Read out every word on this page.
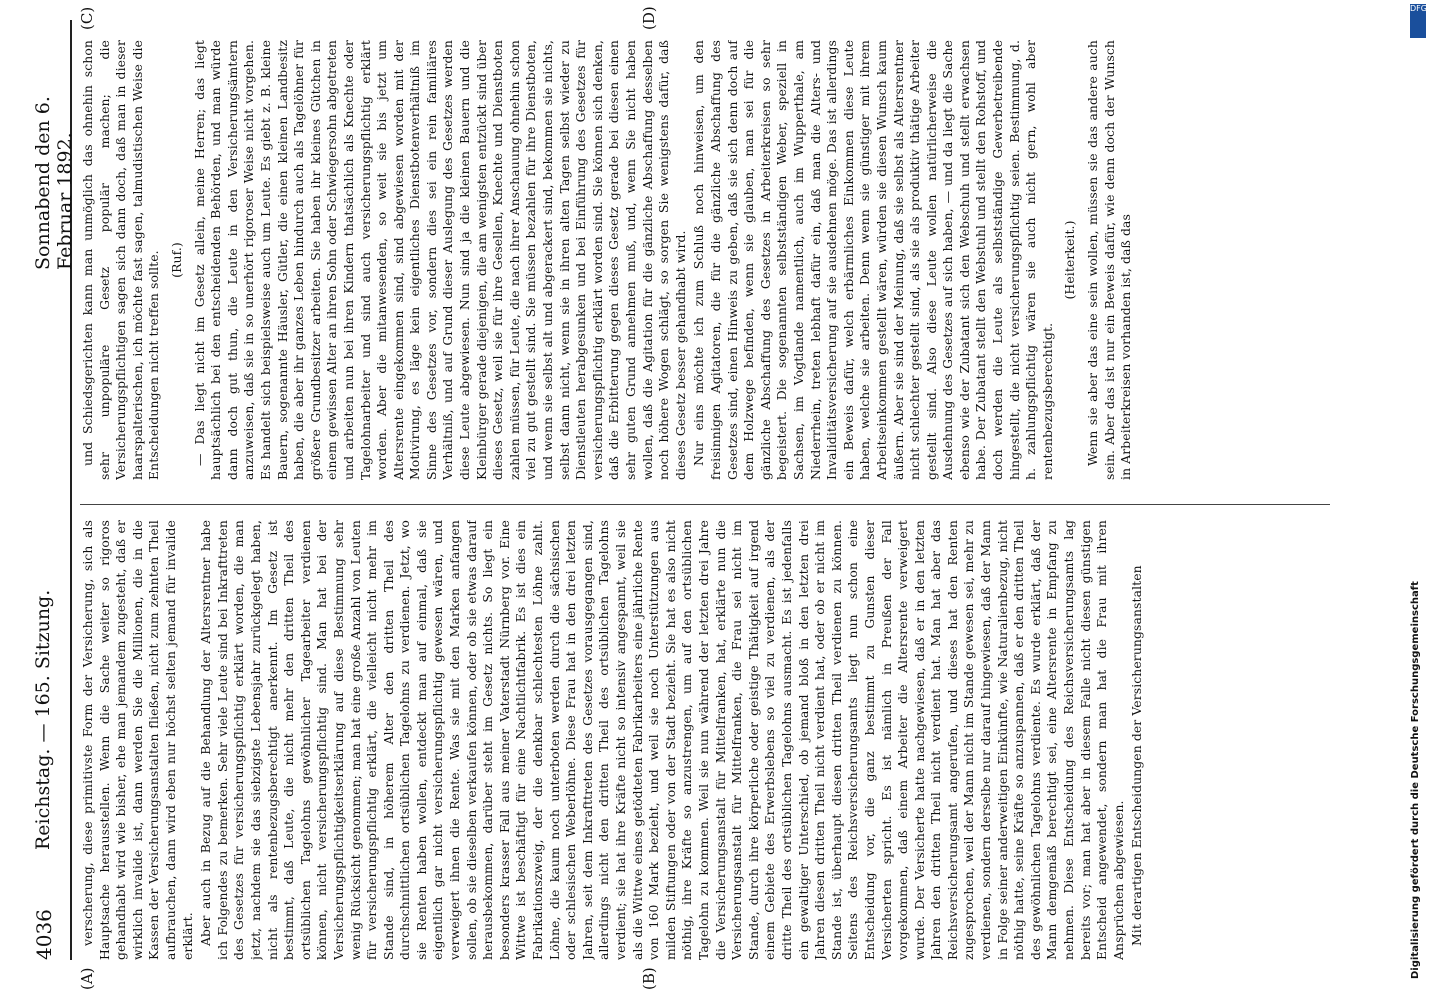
4036
Reichstag. — 165. Sitzung.
Sonnabend den 6. Februar 1892.
(A)	(B)
(C)	(D)

verscherung, diese primitivste Form der Versicherung, sich als Hauptsache herausstellen. Wenn die Sache weiter so rigoros gehandhabt wird wie bisher, ehe man jemandem zugesteht, daß er wirklich invalide ist, dann werden Sie die Millionen, die in die Kassen der Versicherungsanstalten fließen, nicht zum zehnten Theil aufbrauchen, dann wird eben nur höchst selten jemand für invalide erklärt. Aber auch in Bezug auf die Behandlung der Altersrentner habe ich Folgendes zu bemerken. Sehr viele Leute sind bei Inkrafttreten des Gesetzes für versicherungspflichtig erklärt worden, die man jetzt, nachdem sie das siebzigste Lebensjahr zurückgelegt haben, nicht als rentenbezugsberechtigt anerkennt. Im Gesetz ist bestimmt, daß Leute, die nicht mehr den dritten Theil des ortsüblichen Tagelohns gewöhnlicher Tagearbeiter verdienen können, nicht versicherungspflichtig sind. Man hat bei der Versicherungspflichtigkeitserklärung auf diese Bestimmung sehr wenig Rücksicht genommen; man hat eine große Anzahl von Leuten für versicherungspflichtig erklärt, die vielleicht nicht mehr im Stande sind, in höherem Alter den dritten Theil des durchschnittlichen ortsüblichen Tagelohns zu verdienen. Jetzt, wo sie Renten haben wollen, entdeckt man auf einmal, daß sie eigentlich gar nicht versicherungspflichtig gewesen wären, und verweigert ihnen die Rente. Was sie mit den Marken anfangen sollen, ob sie dieselben verkaufen können, oder ob sie etwas darauf herausbekommen, darüber steht im Gesetz nichts. So liegt ein besonders krasser Fall aus meiner Vaterstadt Nürnberg vor. Eine Wittwe ist beschäftigt für eine Nachtlichtfabrik. Es ist dies ein Fabrikationszweig, der die denkbar schlechtesten Löhne zahlt. Löhne, die kaum noch unterboten werden durch die sächsischen oder schlesischen Weberlöhne. Diese Frau hat in den drei letzten Jahren, seit dem Inkrafttreten des Gesetzes vorausgegangen sind, allerdings nicht den dritten Theil des ortsüblichen Tagelohns verdient; sie hat ihre Kräfte nicht so intensiv angespannt, weil sie als die Wittwe eines getödteten Fabrikarbeiters eine jährliche Rente von 160 Mark bezieht, und weil sie noch Unterstützungen aus milden Stiftungen oder von der Stadt bezieht. Sie hat es also nicht nöthig, ihre Kräfte so anzustrengen, um auf den ortsüblichen Tagelohn zu kommen. Weil sie nun während der letzten drei Jahre die Versicherungsanstalt für Mittelfranken, hat, erklärte nun die Versicherungsanstalt für Mittelfranken, die Frau sei nicht im Stande, durch ihre körperliche oder geistige Thätigkeit auf irgend einem Gebiete des Erwerbslebens so viel zu verdienen, als der dritte Theil des ortsüblichen Tagelohns ausmacht. Es ist jedenfalls ein gewaltiger Unterschied, ob jemand bloß in den letzten drei Jahren diesen dritten Theil nicht verdient hat, oder ob er nicht im Stande ist, überhaupt diesen dritten Theil verdienen zu können. Seitens des Reichsversicherungsamts liegt nun schon eine Entscheidung vor, die ganz bestimmt zu Gunsten dieser Versicherten spricht. Es ist nämlich in Preußen der Fall vorgekommen, daß einem Arbeiter die Altersrente verweigert wurde. Der Versicherte hatte nachgewiesen, daß er in den letzten Jahren den dritten Theil nicht verdient hat. Man hat aber das Reichsversicherungsamt angerufen, und dieses hat den Renten zugesprochen, weil der Mann nicht im Stande gewesen sei, mehr zu verdienen, sondern derselbe nur darauf hingewiesen, daß der Mann in Folge seiner anderweitigen Einkünfte, wie Naturalienbezug, nicht nöthig hatte, seine Kräfte so anzuspannen, daß er den dritten Theil des gewöhnlichen Tagelohns verdiente. Es wurde erklärt, daß der Mann demgemäß berechtigt sei, eine Altersrente in Empfang zu nehmen. Diese Entscheidung des Reichsversicherungsamts lag bereits vor; man hat aber in diesem Falle nicht diesen günstigen Entscheid angewendet, sondern man hat die Frau mit ihren Ansprüchen abgewiesen. Mit derartigen Entscheidungen der Versicherungsanstalten

und Schiedsgerichten kann man unmöglich das ohnehin schon sehr unpopuläre Gesetz populär machen; die Versicherungspflichtigen sagen sich dann doch, daß man in dieser haarspalterischen, ich möchte fast sagen, talmudistischen Weise die Entscheidungen nicht treffen sollte. (Ruf.) — Das liegt nicht im Gesetz allein, meine Herren; das liegt hauptsächlich bei den entscheidenden Behörden, und man würde dann doch gut thun, die Leute in den Versicherungsämtern anzuweisen, daß sie in so unerhört rigoroser Weise nicht vorgehen. Es handelt sich beispielsweise auch um Leute. Es giebt z. B. kleine Bauern, sogenannte Häusler, Gütler, die einen kleinen Landbesitz haben, die aber ihr ganzes Leben hindurch auch als Tagelöhner für größere Grundbesitzer arbeiten. Sie haben ihr kleines Gütchen in einem gewissen Alter an ihren Sohn oder Schwiegersohn abgetreten und arbeiten nun bei ihren Kindern thatsächlich als Knechte oder Tagelohnarbeiter und sind auch versicherungspflichtig erklärt worden. Aber die mitanwesenden, so weit sie bis jetzt um Altersrente eingekommen sind, sind abgewiesen worden mit der Motivirung, es läge kein eigentliches Dienstbotenverhältniß im Sinne des Gesetzes vor, sondern dies sei ein rein familiäres Verhältniß, und auf Grund dieser Auslegung des Gesetzes werden diese Leute abgewiesen. Nun sind ja die kleinen Bauern und die Kleinbürger gerade diejenigen, die am wenigsten entzückt sind über dieses Gesetz, weil sie für ihre Gesellen, Knechte und Dienstboten zahlen müssen, für Leute, die nach ihrer Anschauung ohnehin schon viel zu gut gestellt sind. Sie müssen bezahlen für ihre Dienstboten, und wenn sie selbst alt und abgerackert sind, bekommen sie nichts, selbst dann nicht, wenn sie in ihren alten Tagen selbst wieder zu Dienstleuten herabgesunken und bei Einführung des Gesetzes für versicherungspflichtig erklärt worden sind. Sie können sich denken, daß die Erbitterung gegen dieses Gesetz gerade bei diesen einen sehr guten Grund annehmen muß, und, wenn Sie nicht haben wollen, daß die Agitation für die gänzliche Abschaffung desselben noch höhere Wogen schlägt, so sorgen Sie wenigstens dafür, daß dieses Gesetz besser gehandhabt wird. Nur eins möchte ich zum Schluß noch hinweisen, um den freisinnigen Agitatoren, die für die gänzliche Abschaffung des Gesetzes sind, einen Hinweis zu geben, daß sie sich denn doch auf dem Holzwege befinden, wenn sie glauben, man sei für die gänzliche Abschaffung des Gesetzes in Arbeiterkreisen so sehr begeistert. Die sogenannten selbstständigen Weber, speziell in Sachsen, im Vogtlande namentlich, auch im Wupperthale, am Niederrhein, treten lebhaft dafür ein, daß man die Alters- und Invaliditätsversicherung auf sie ausdehnen möge. Das ist allerdings ein Beweis dafür, welch erbärmliches Einkommen diese Leute haben, welche sie arbeiten. Denn wenn sie günstiger mit ihrem Arbeitseinkommen gestellt wären, würden sie diesen Wunsch kaum äußern. Aber sie sind der Meinung, daß sie selbst als Altersrentner nicht schlechter gestellt sind, als sie als produktiv thätige Arbeiter gestellt sind. Also diese Leute wollen natürlicherweise die Ausdehnung des Gesetzes auf sich haben, — und da liegt die Sache ebenso wie der Zubatant sich den Webschuh und stellt erwachsen habe. Der Zubatant stellt den Webstuhl und stellt den Rohstoff, und doch werden die Leute als selbstständige Gewerbetreibende hingestellt, die nicht versicherungspflichtig seien. Bestimmung, d. h. zahlungspflichtig wären sie auch nicht gern, wohl aber rentenbezugsberechtigt.

(Heiterkeit.) Wenn sie aber das eine sein wollen, müssen sie das andere auch sein. Aber das ist nur ein Beweis dafür, wie denn doch der Wunsch in Arbeiterkreisen vorhanden ist, daß das

DFG
Digitalisierung gefördert durch die Deutsche Forschungsgemeinschaft
